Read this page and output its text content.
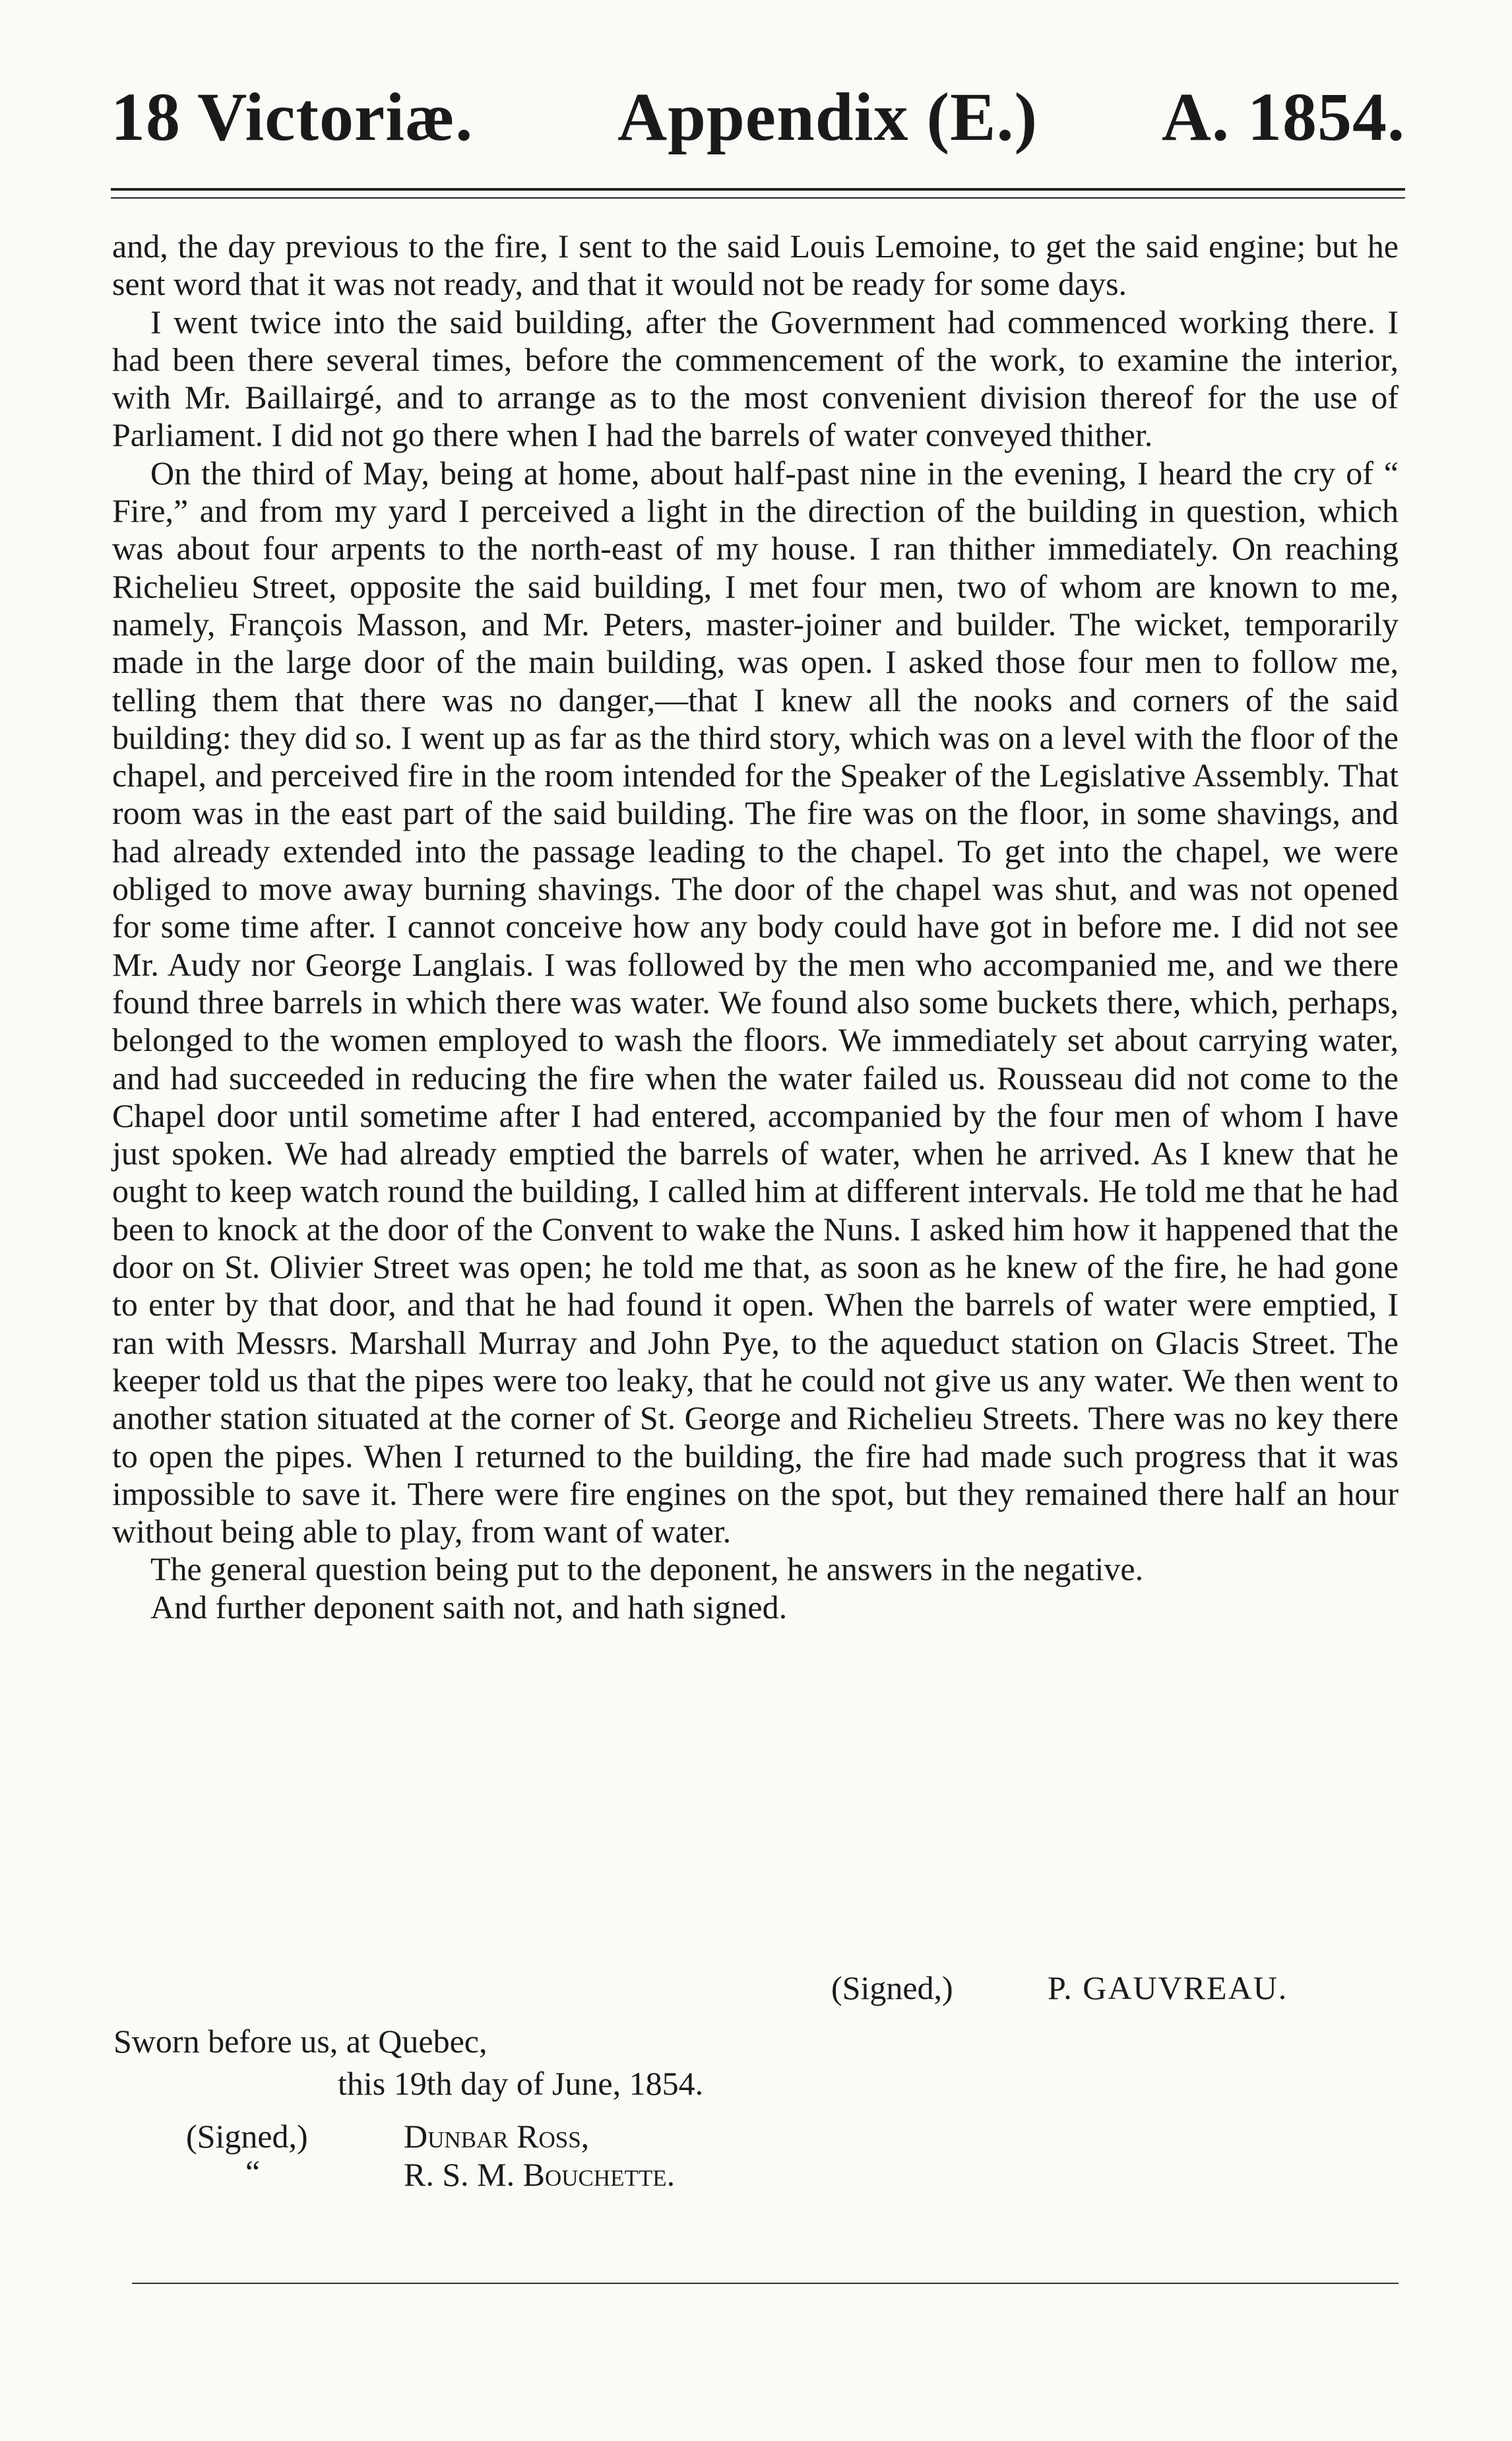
18 Victoriæ. Appendix (E.) A. 1854.

and, the day previous to the fire, I sent to the said Louis Lemoine, to get the said engine; but he sent word that it was not ready, and that it would not be ready for some days.

I went twice into the said building, after the Government had commenced working there. I had been there several times, before the commencement of the work, to examine the interior, with Mr. Baillairgé, and to arrange as to the most convenient division thereof for the use of Parliament. I did not go there when I had the barrels of water conveyed thither.

On the third of May, being at home, about half-past nine in the evening, I heard the cry of “ Fire,” and from my yard I perceived a light in the direction of the building in question, which was about four arpents to the north-east of my house. I ran thither immediately. On reaching Richelieu Street, opposite the said building, I met four men, two of whom are known to me, namely, François Masson, and Mr. Peters, master-joiner and builder. The wicket, temporarily made in the large door of the main building, was open. I asked those four men to follow me, telling them that there was no danger,—that I knew all the nooks and corners of the said building: they did so. I went up as far as the third story, which was on a level with the floor of the chapel, and perceived fire in the room intended for the Speaker of the Legislative Assembly. That room was in the east part of the said building. The fire was on the floor, in some shavings, and had already extended into the passage leading to the chapel. To get into the chapel, we were obliged to move away burning shavings. The door of the chapel was shut, and was not opened for some time after. I cannot conceive how any body could have got in before me. I did not see Mr. Audy nor George Langlais. I was followed by the men who accompanied me, and we there found three barrels in which there was water. We found also some buckets there, which, perhaps, belonged to the women employed to wash the floors. We immediately set about carrying water, and had succeeded in reducing the fire when the water failed us. Rousseau did not come to the Chapel door until sometime after I had entered, accompanied by the four men of whom I have just spoken. We had already emptied the barrels of water, when he arrived. As I knew that he ought to keep watch round the building, I called him at different intervals. He told me that he had been to knock at the door of the Convent to wake the Nuns. I asked him how it happened that the door on St. Olivier Street was open; he told me that, as soon as he knew of the fire, he had gone to enter by that door, and that he had found it open. When the barrels of water were emptied, I ran with Messrs. Marshall Murray and John Pye, to the aqueduct station on Glacis Street. The keeper told us that the pipes were too leaky, that he could not give us any water. We then went to another station situated at the corner of St. George and Richelieu Streets. There was no key there to open the pipes. When I returned to the building, the fire had made such progress that it was impossible to save it. There were fire engines on the spot, but they remained there half an hour without being able to play, from want of water.

The general question being put to the deponent, he answers in the negative.

And further deponent saith not, and hath signed.

(Signed,)	P. GAUVREAU.
Sworn before us, at Quebec,
this 19th day of June, 1854.
(Signed,)	Dunbar Ross,
“	R. S. M. Bouchette.
